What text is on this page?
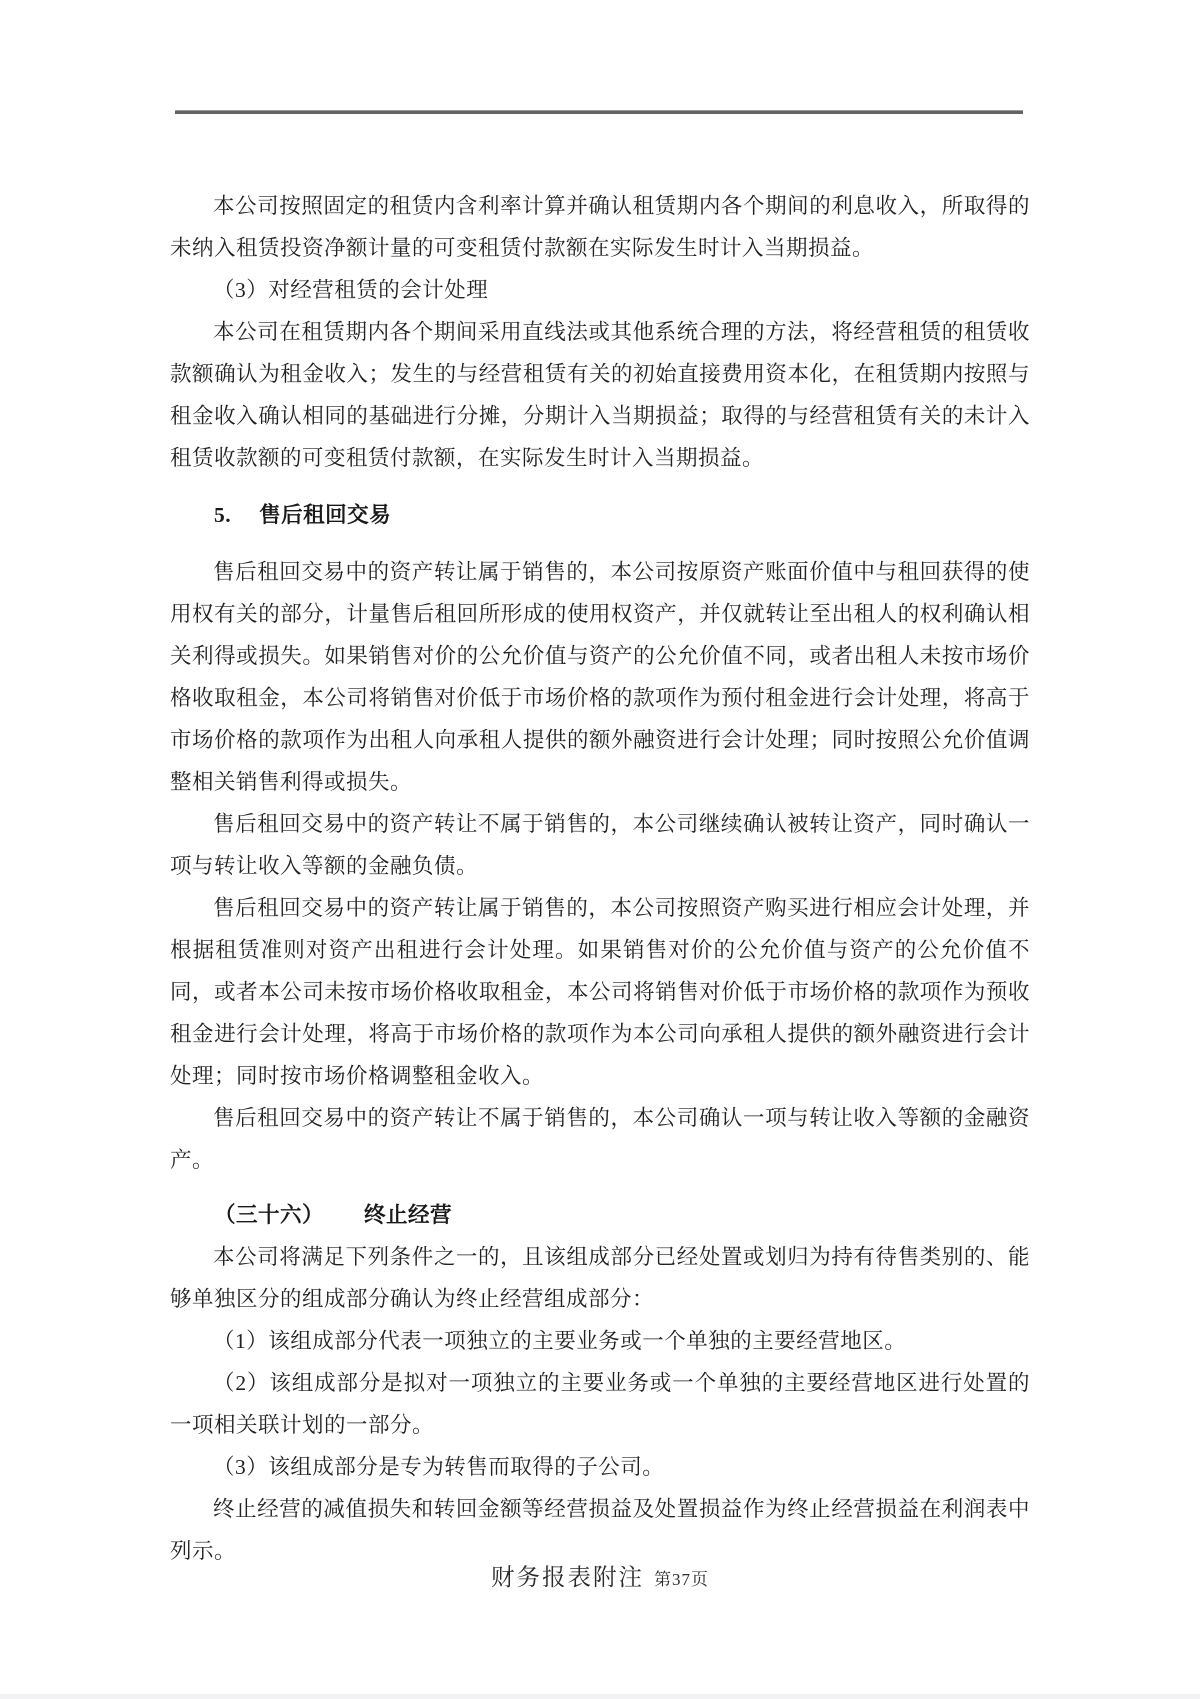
本公司按照固定的租赁内含利率计算并确认租赁期内各个期间的利息收入，所取得的未纳入租赁投资净额计量的可变租赁付款额在实际发生时计入当期损益。

（3）对经营租赁的会计处理

本公司在租赁期内各个期间采用直线法或其他系统合理的方法，将经营租赁的租赁收款额确认为租金收入；发生的与经营租赁有关的初始直接费用资本化，在租赁期内按照与租金收入确认相同的基础进行分摊，分期计入当期损益；取得的与经营租赁有关的未计入租赁收款额的可变租赁付款额，在实际发生时计入当期损益。

5. 售后租回交易

售后租回交易中的资产转让属于销售的，本公司按原资产账面价值中与租回获得的使用权有关的部分，计量售后租回所形成的使用权资产，并仅就转让至出租人的权利确认相关利得或损失。如果销售对价的公允价值与资产的公允价值不同，或者出租人未按市场价格收取租金，本公司将销售对价低于市场价格的款项作为预付租金进行会计处理，将高于市场价格的款项作为出租人向承租人提供的额外融资进行会计处理；同时按照公允价值调整相关销售利得或损失。

售后租回交易中的资产转让不属于销售的，本公司继续确认被转让资产，同时确认一项与转让收入等额的金融负债。

售后租回交易中的资产转让属于销售的，本公司按照资产购买进行相应会计处理，并根据租赁准则对资产出租进行会计处理。如果销售对价的公允价值与资产的公允价值不同，或者本公司未按市场价格收取租金，本公司将销售对价低于市场价格的款项作为预收租金进行会计处理，将高于市场价格的款项作为本公司向承租人提供的额外融资进行会计处理；同时按市场价格调整租金收入。

售后租回交易中的资产转让不属于销售的，本公司确认一项与转让收入等额的金融资产。

（三十六） 终止经营

本公司将满足下列条件之一的，且该组成部分已经处置或划归为持有待售类别的、能够单独区分的组成部分确认为终止经营组成部分：

（1）该组成部分代表一项独立的主要业务或一个单独的主要经营地区。

（2）该组成部分是拟对一项独立的主要业务或一个单独的主要经营地区进行处置的一项相关联计划的一部分。

（3）该组成部分是专为转售而取得的子公司。

终止经营的减值损失和转回金额等经营损益及处置损益作为终止经营损益在利润表中列示。

财务报表附注 第37页
